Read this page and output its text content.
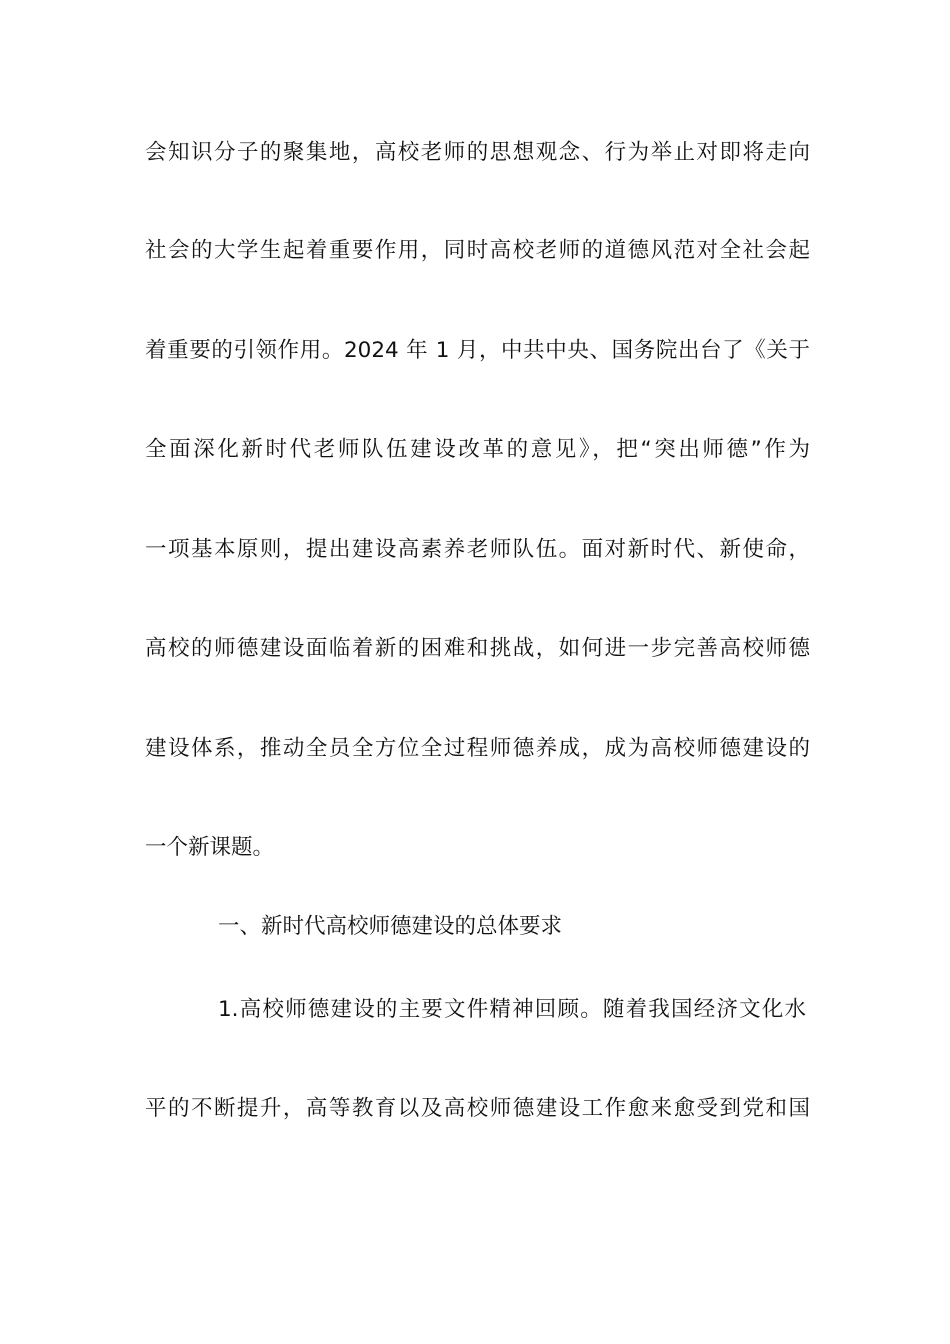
会知识分子的聚集地，高校老师的思想观念、行为举止对即将走向
社会的大学生起着重要作用，同时高校老师的道德风范对全社会起
着重要的引领作用。2024 年 1 月，中共中央、国务院出台了《关于
全面深化新时代老师队伍建设改革的意见》，把“突出师德”作为
一项基本原则，提出建设高素养老师队伍。面对新时代、新使命，
高校的师德建设面临着新的困难和挑战，如何进一步完善高校师德
建设体系，推动全员全方位全过程师德养成，成为高校师德建设的
一个新课题。
一、新时代高校师德建设的总体要求
1.高校师德建设的主要文件精神回顾。随着我国经济文化水
平的不断提升，高等教育以及高校师德建设工作愈来愈受到党和国
